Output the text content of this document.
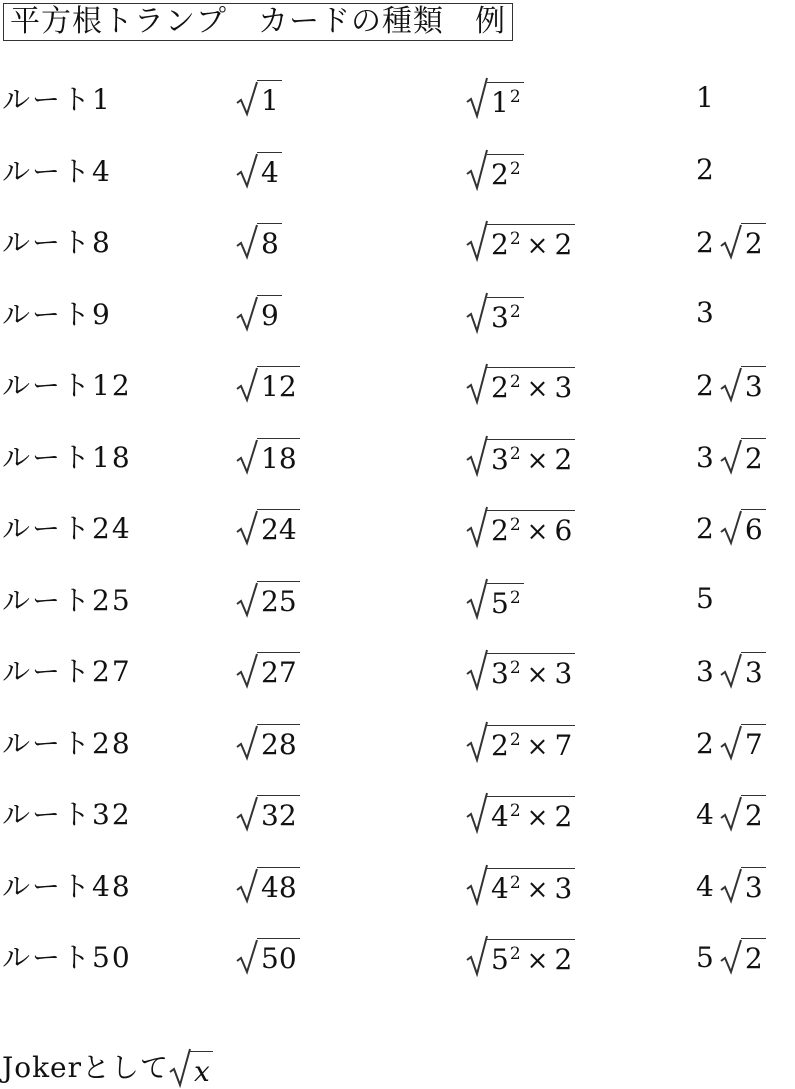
平方根トランプ　カードの種類　例
ルート1	1	$1^2$	1
ルート4	4	$2^2$	2
ルート8	8	$2^2 \times 2$	2 2
ルート9	9	$3^2$	3
ルート12	12	$2^2 \times 3$	2 3
ルート18	18	$3^2 \times 2$	3 2
ルート24	24	$2^2 \times 6$	2 6
ルート25	25	$5^2$	5
ルート27	27	$3^2 \times 3$	3 3
ルート28	28	$2^2 \times 7$	2 7
ルート32	32	$4^2 \times 2$	4 2
ルート48	48	$4^2 \times 3$	4 3
ルート50	50	$5^2 \times 2$	5 2
Jokerとして x
